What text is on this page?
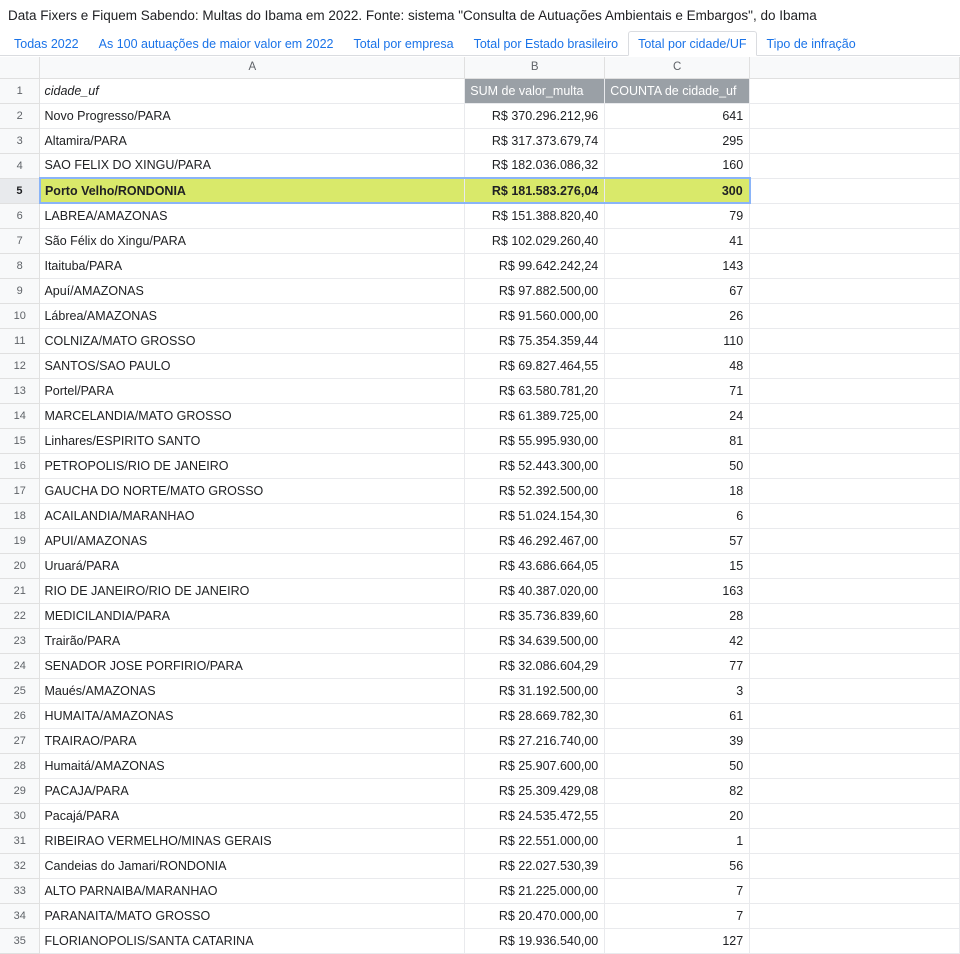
Data Fixers e Fiquem Sabendo: Multas do Ibama em 2022. Fonte: sistema "Consulta de Autuações Ambientais e Embargos", do Ibama
Todas 2022	As 100 autuações de maior valor em 2022	Total por empresa	Total por Estado brasileiro	Total por cidade/UF	Tipo de infração
	A	B	C	
1	cidade_uf	SUM de valor_multa	COUNTA de cidade_uf	
2	Novo Progresso/PARA	R$ 370.296.212,96	641	
3	Altamira/PARA	R$ 317.373.679,74	295	
4	SAO FELIX DO XINGU/PARA	R$ 182.036.086,32	160	
5	Porto Velho/RONDONIA	R$ 181.583.276,04	300	
6	LABREA/AMAZONAS	R$ 151.388.820,40	79	
7	São Félix do Xingu/PARA	R$ 102.029.260,40	41	
8	Itaituba/PARA	R$ 99.642.242,24	143	
9	Apuí/AMAZONAS	R$ 97.882.500,00	67	
10	Lábrea/AMAZONAS	R$ 91.560.000,00	26	
11	COLNIZA/MATO GROSSO	R$ 75.354.359,44	110	
12	SANTOS/SAO PAULO	R$ 69.827.464,55	48	
13	Portel/PARA	R$ 63.580.781,20	71	
14	MARCELANDIA/MATO GROSSO	R$ 61.389.725,00	24	
15	Linhares/ESPIRITO SANTO	R$ 55.995.930,00	81	
16	PETROPOLIS/RIO DE JANEIRO	R$ 52.443.300,00	50	
17	GAUCHA DO NORTE/MATO GROSSO	R$ 52.392.500,00	18	
18	ACAILANDIA/MARANHAO	R$ 51.024.154,30	6	
19	APUI/AMAZONAS	R$ 46.292.467,00	57	
20	Uruará/PARA	R$ 43.686.664,05	15	
21	RIO DE JANEIRO/RIO DE JANEIRO	R$ 40.387.020,00	163	
22	MEDICILANDIA/PARA	R$ 35.736.839,60	28	
23	Trairão/PARA	R$ 34.639.500,00	42	
24	SENADOR JOSE PORFIRIO/PARA	R$ 32.086.604,29	77	
25	Maués/AMAZONAS	R$ 31.192.500,00	3	
26	HUMAITA/AMAZONAS	R$ 28.669.782,30	61	
27	TRAIRAO/PARA	R$ 27.216.740,00	39	
28	Humaitá/AMAZONAS	R$ 25.907.600,00	50	
29	PACAJA/PARA	R$ 25.309.429,08	82	
30	Pacajá/PARA	R$ 24.535.472,55	20	
31	RIBEIRAO VERMELHO/MINAS GERAIS	R$ 22.551.000,00	1	
32	Candeias do Jamari/RONDONIA	R$ 22.027.530,39	56	
33	ALTO PARNAIBA/MARANHAO	R$ 21.225.000,00	7	
34	PARANAITA/MATO GROSSO	R$ 20.470.000,00	7	
35	FLORIANOPOLIS/SANTA CATARINA	R$ 19.936.540,00	127	
